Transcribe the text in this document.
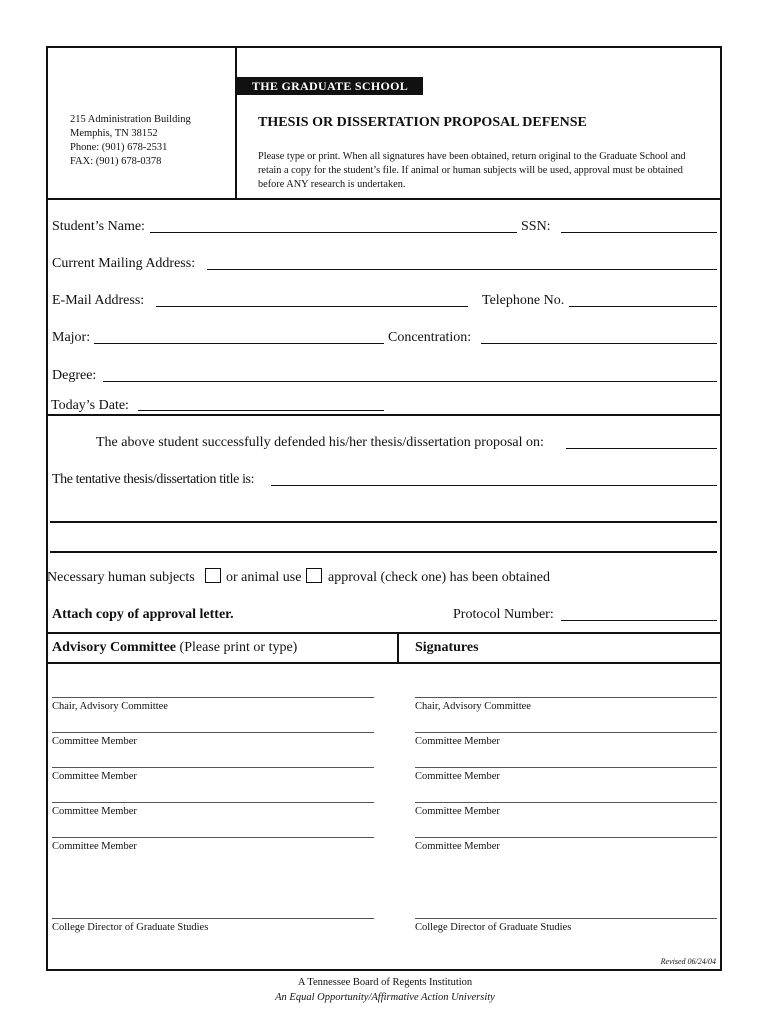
THE GRADUATE SCHOOL
215 Administration Building
Memphis, TN 38152
Phone: (901) 678-2531
FAX: (901) 678-0378
THESIS OR DISSERTATION PROPOSAL DEFENSE
Please type or print. When all signatures have been obtained, return original to the Graduate School and retain a copy for the student’s file. If animal or human subjects will be used, approval must be obtained before ANY research is undertaken.
Student’s Name:	SSN:
Current Mailing Address:
E-Mail Address:	Telephone No.
Major:	Concentration:
Degree:
Today’s Date:
The above student successfully defended his/her thesis/dissertation proposal on:
The tentative thesis/dissertation title is:
Necessary human subjects or animal use approval (check one) has been obtained
Attach copy of approval letter.	Protocol Number:
Advisory Committee (Please print or type)	Signatures
Chair, Advisory Committee	Chair, Advisory Committee
Committee Member	Committee Member
Committee Member	Committee Member
Committee Member	Committee Member
Committee Member	Committee Member
College Director of Graduate Studies	College Director of Graduate Studies
Revised 06/24/04
A Tennessee Board of Regents Institution
An Equal Opportunity/Affirmative Action University
